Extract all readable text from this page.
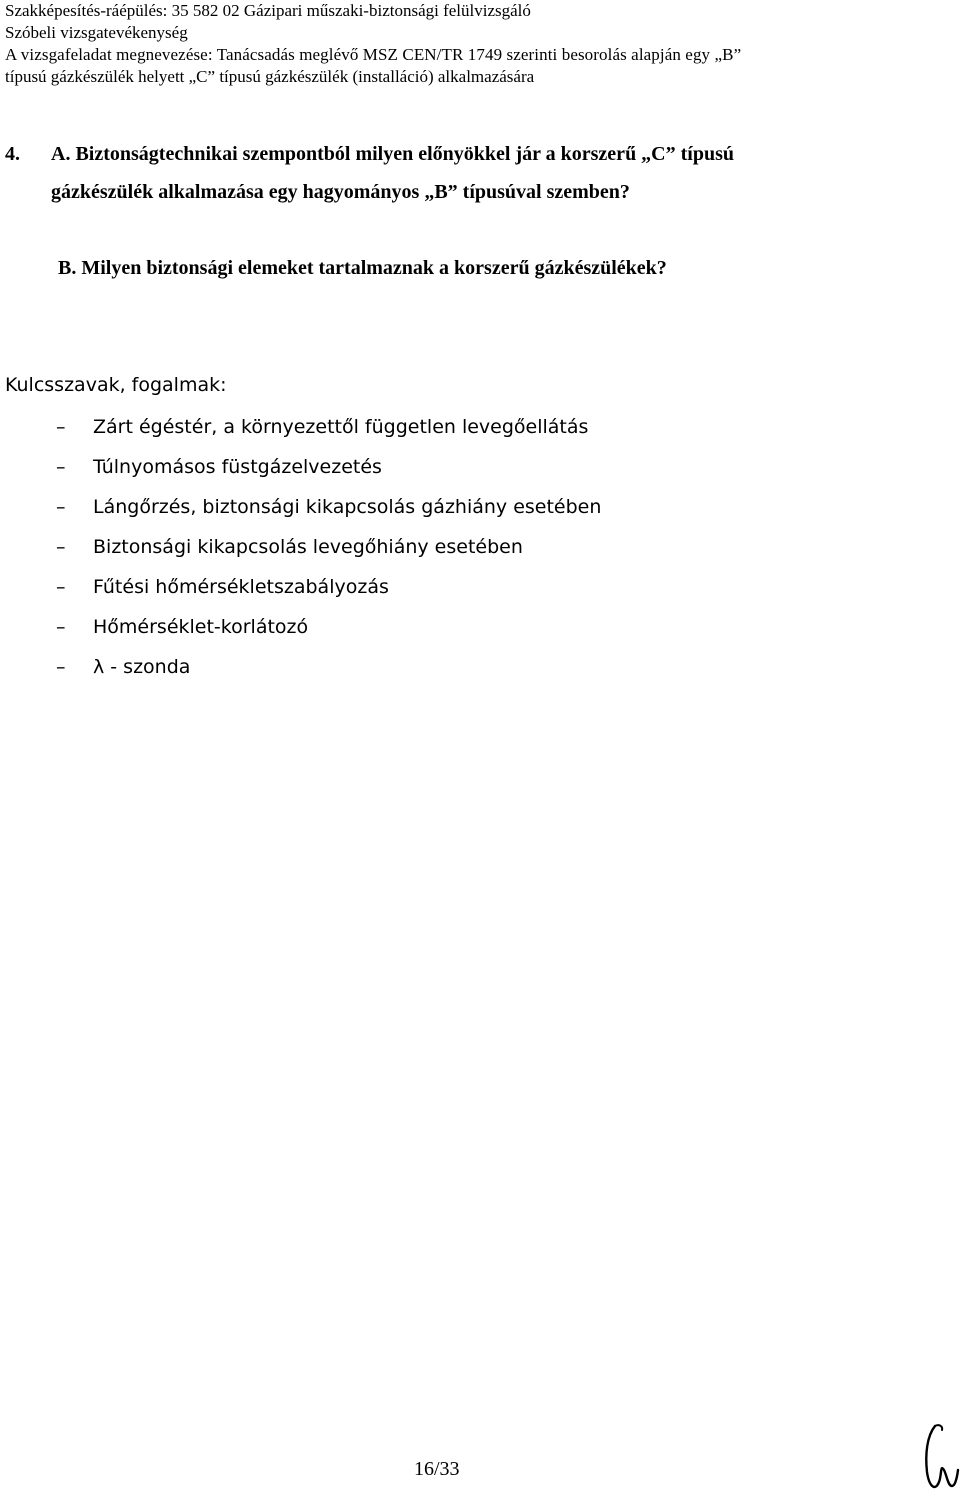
Szakképesítés-ráépülés: 35 582 02 Gázipari műszaki-biztonsági felülvizsgáló
Szóbeli vizsgatevékenység
A vizsgafeladat megnevezése: Tanácsadás meglévő MSZ CEN/TR 1749 szerinti besorolás alapján egy „B”
típusú gázkészülék helyett „C” típusú gázkészülék (installáció) alkalmazására
4.	A. Biztonságtechnikai szempontból milyen előnyökkel jár a korszerű „C” típusú
gázkészülék alkalmazása egy hagyományos „B” típusúval szemben?
B. Milyen biztonsági elemeket tartalmaznak a korszerű gázkészülékek?
Kulcsszavak, fogalmak:
–	Zárt égéstér, a környezettől független levegőellátás
–	Túlnyomásos füstgázelvezetés
–	Lángőrzés, biztonsági kikapcsolás gázhiány esetében
–	Biztonsági kikapcsolás levegőhiány esetében
–	Fűtési hőmérsékletszabályozás
–	Hőmérséklet-korlátozó
–	λ - szonda
16/33
